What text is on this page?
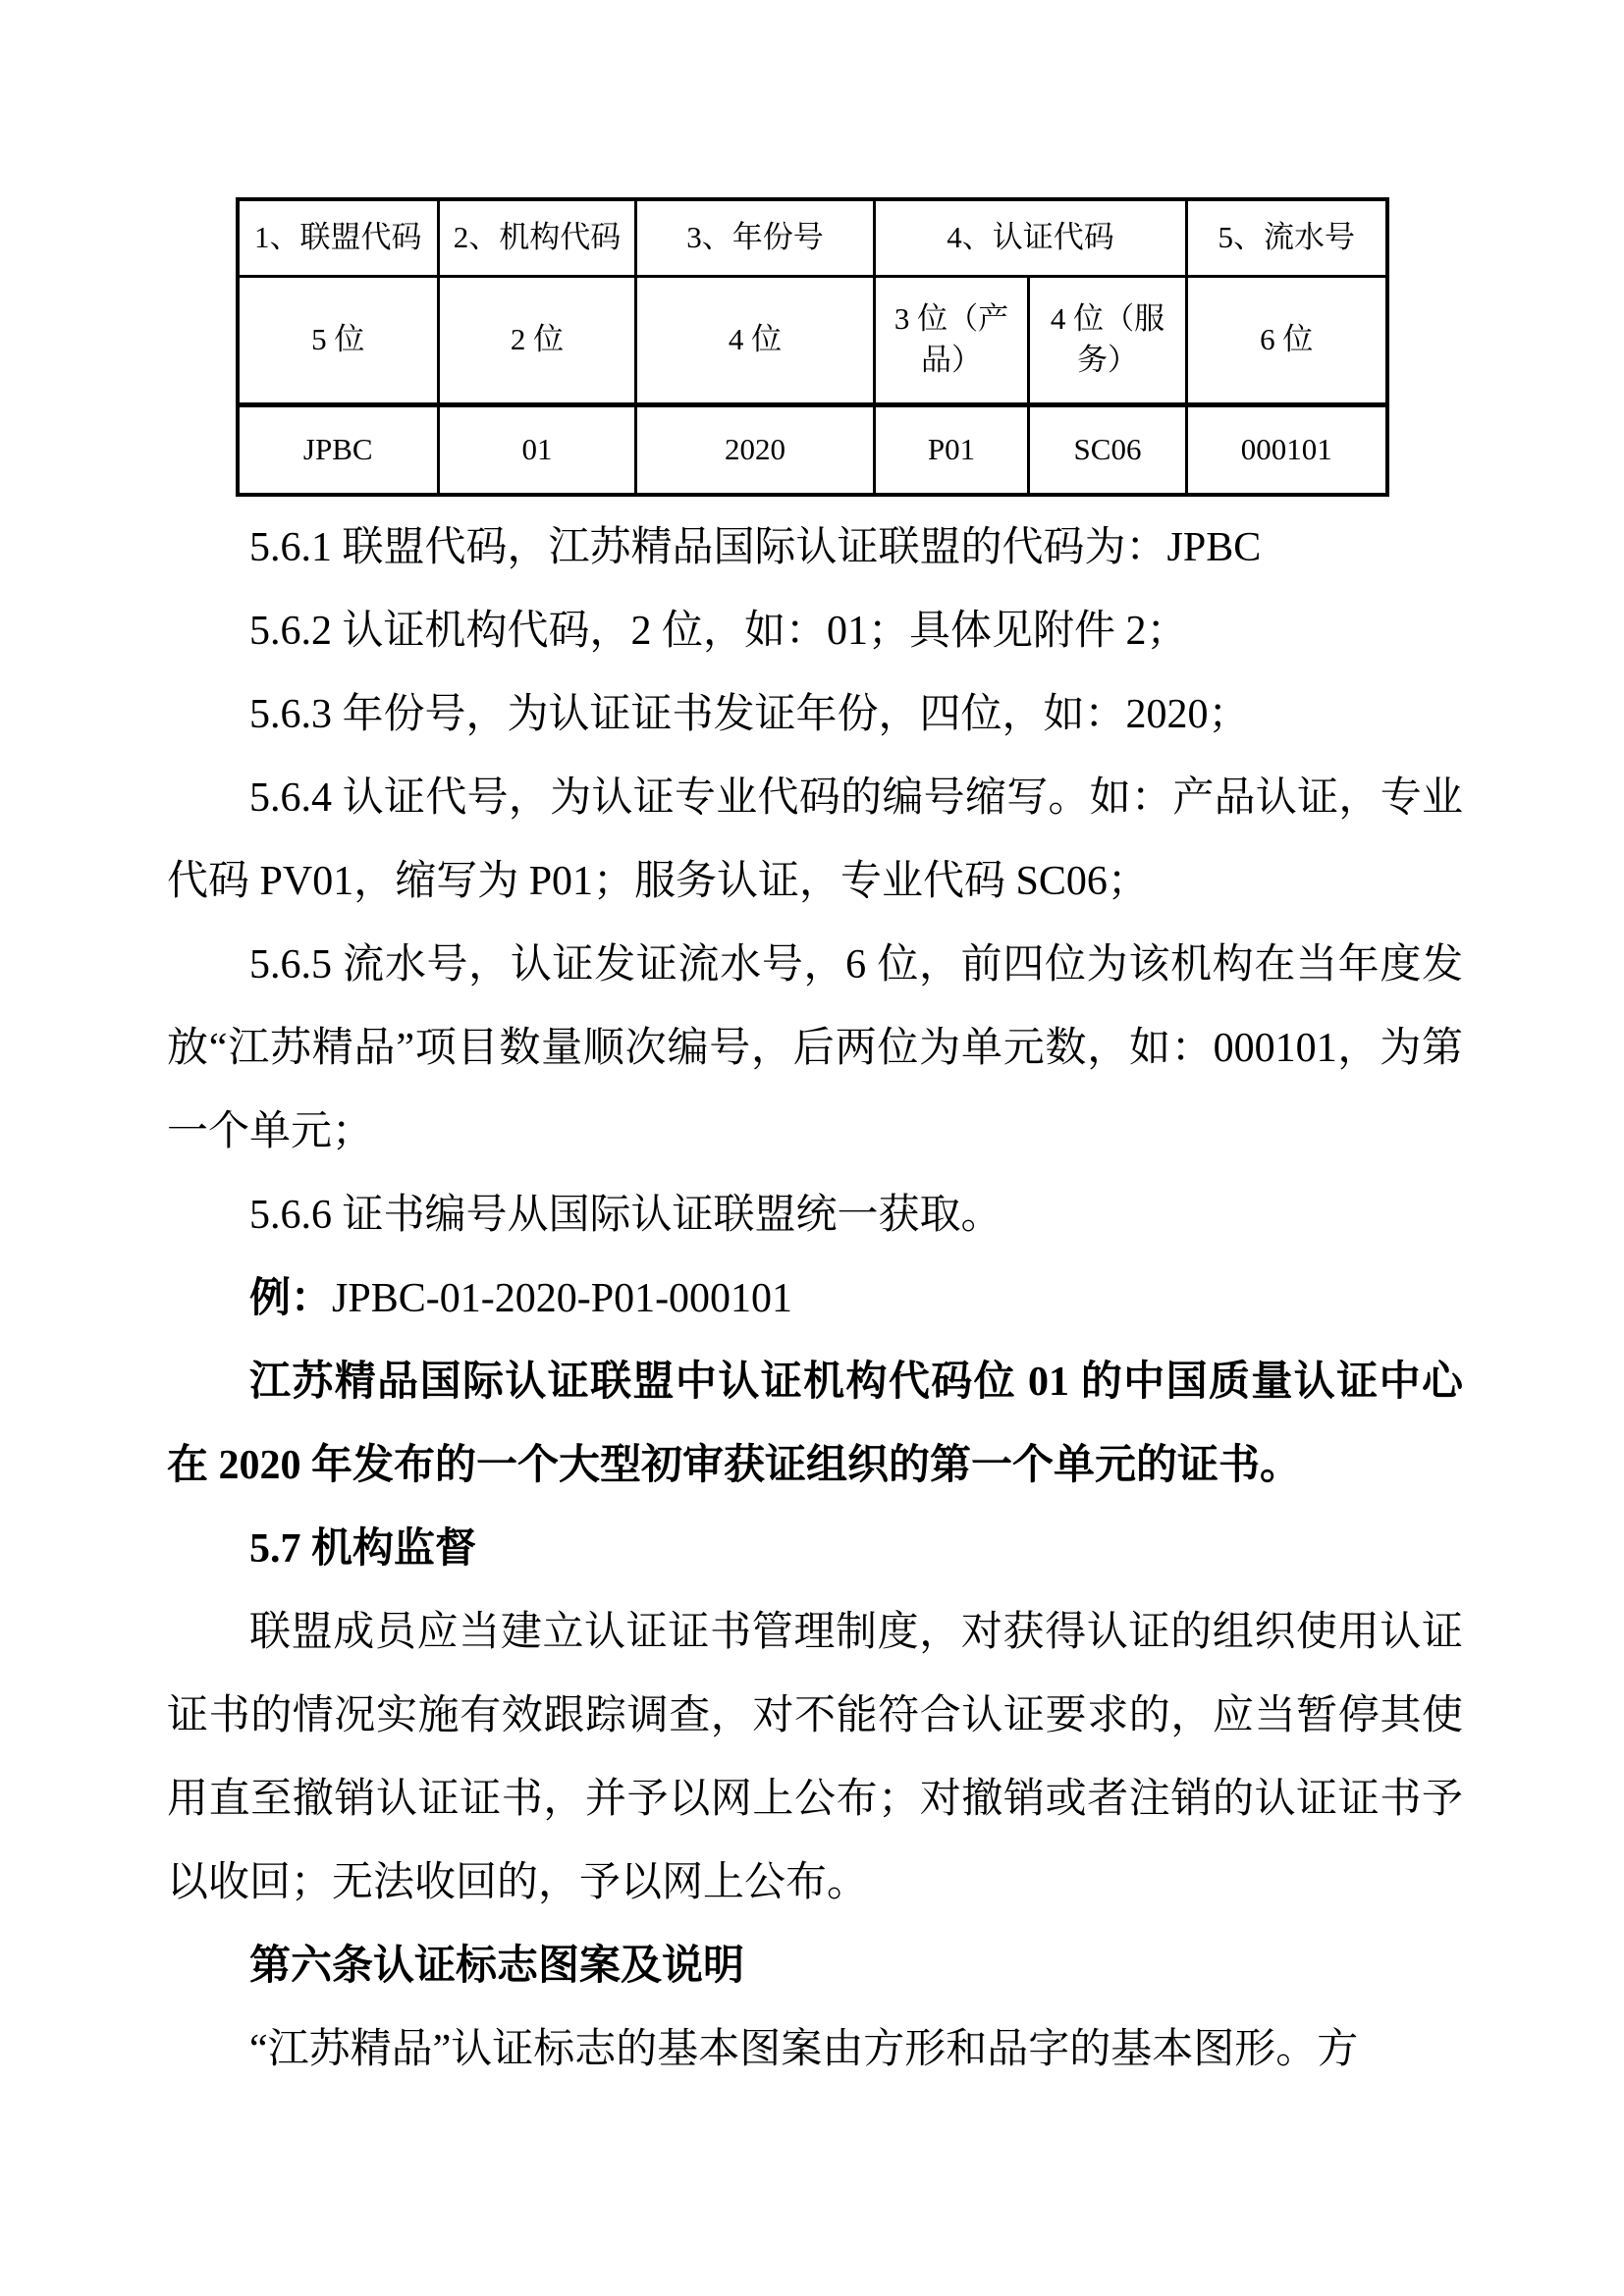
1、联盟代码	2、机构代码	3、年份号	4、认证代码		5、流水号
5 位	2 位	4 位	3 位（产品）	4 位（服务）	6 位
JPBC	01	2020	P01	SC06	000101

5.6.1 联盟代码，江苏精品国际认证联盟的代码为：JPBC

5.6.2 认证机构代码，2 位，如：01；具体见附件 2；

5.6.3 年份号，为认证证书发证年份，四位，如：2020；

5.6.4 认证代号，为认证专业代码的编号缩写。如：产品认证，专业代码 PV01，缩写为 P01；服务认证，专业代码 SC06；

5.6.5 流水号，认证发证流水号，6 位，前四位为该机构在当年度发放“江苏精品”项目数量顺次编号，后两位为单元数，如：000101，为第一个单元；

5.6.6 证书编号从国际认证联盟统一获取。

例：JPBC-01-2020-P01-000101

江苏精品国际认证联盟中认证机构代码位 01 的中国质量认证中心在 2020 年发布的一个大型初审获证组织的第一个单元的证书。

5.7 机构监督

联盟成员应当建立认证证书管理制度，对获得认证的组织使用认证证书的情况实施有效跟踪调查，对不能符合认证要求的，应当暂停其使用直至撤销认证证书，并予以网上公布；对撤销或者注销的认证证书予以收回；无法收回的，予以网上公布。

第六条认证标志图案及说明

“江苏精品”认证标志的基本图案由方形和品字的基本图形。方
